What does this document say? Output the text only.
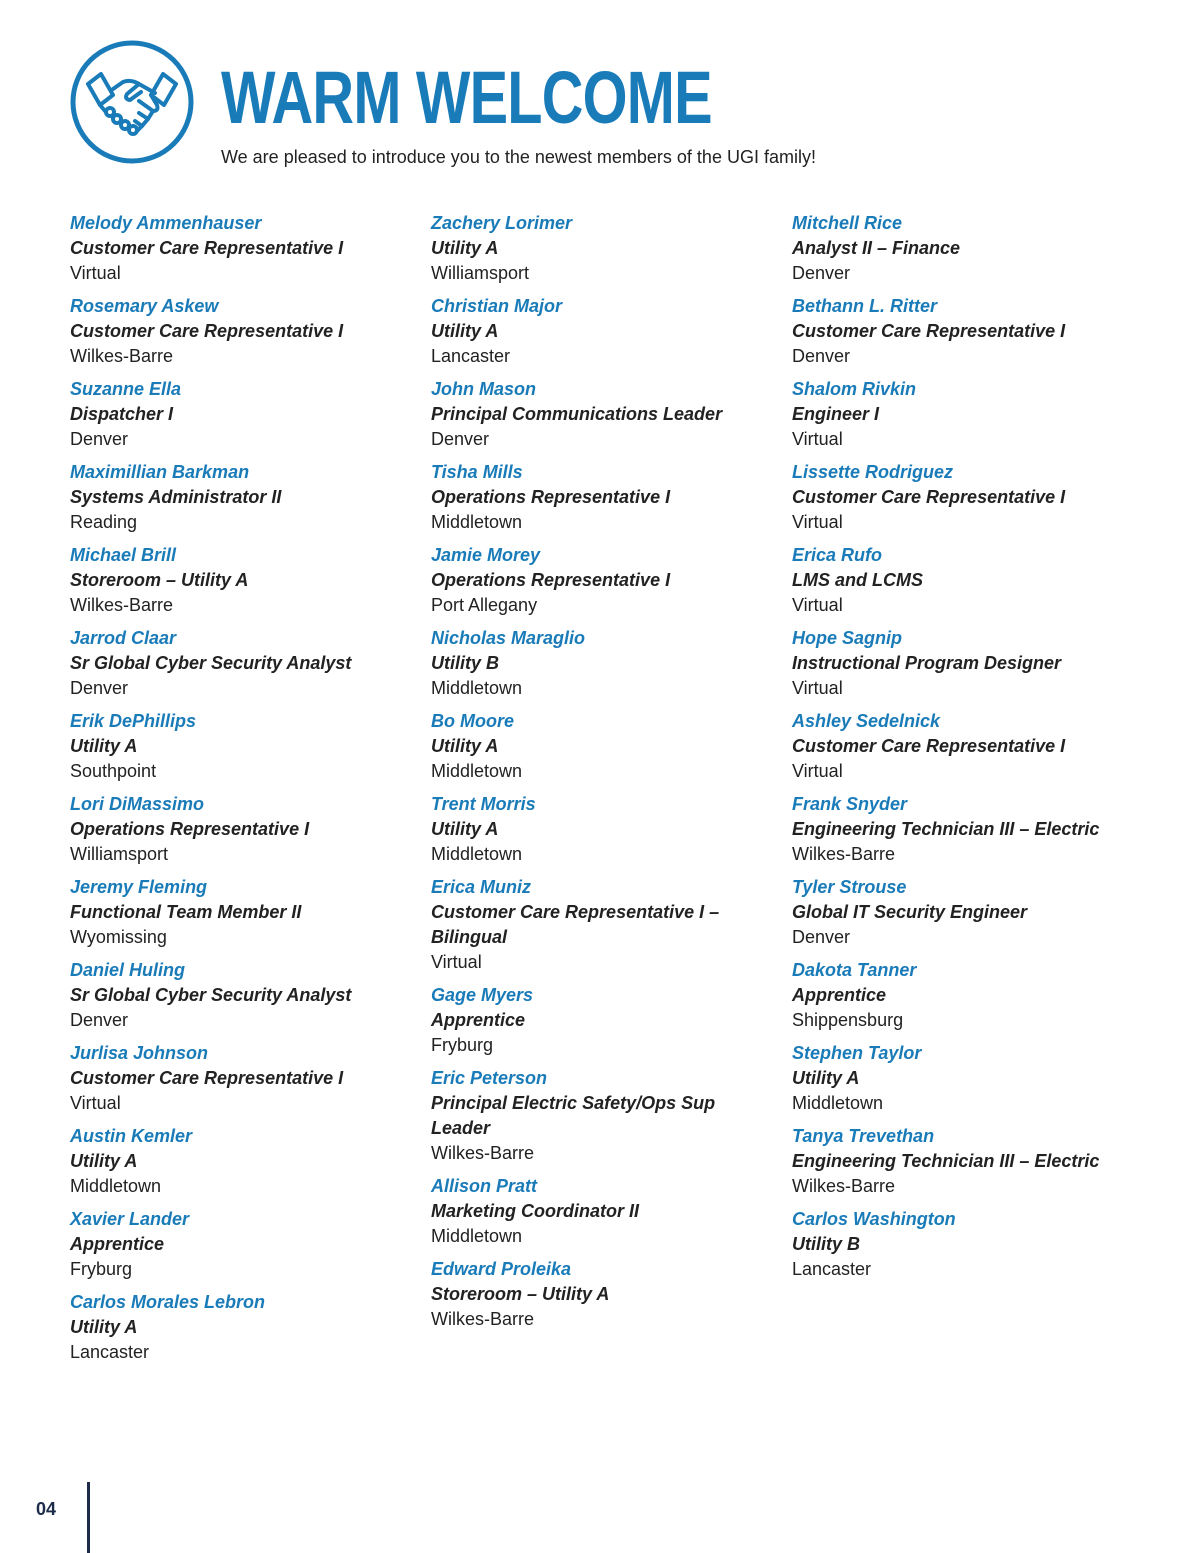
WARM WELCOME

We are pleased to introduce you to the newest members of the UGI family!

Melody Ammenhauser
Customer Care Representative I
Virtual
Rosemary Askew
Customer Care Representative I
Wilkes-Barre
Suzanne Ella
Dispatcher I
Denver
Maximillian Barkman
Systems Administrator II
Reading
Michael Brill
Storeroom – Utility A
Wilkes-Barre
Jarrod Claar
Sr Global Cyber Security Analyst
Denver
Erik DePhillips
Utility A
Southpoint
Lori DiMassimo
Operations Representative I
Williamsport
Jeremy Fleming
Functional Team Member II
Wyomissing
Daniel Huling
Sr Global Cyber Security Analyst
Denver
Jurlisa Johnson
Customer Care Representative I
Virtual
Austin Kemler
Utility A
Middletown
Xavier Lander
Apprentice
Fryburg
Carlos Morales Lebron
Utility A
Lancaster
Zachery Lorimer
Utility A
Williamsport
Christian Major
Utility A
Lancaster
John Mason
Principal Communications Leader
Denver
Tisha Mills
Operations Representative I
Middletown
Jamie Morey
Operations Representative I
Port Allegany
Nicholas Maraglio
Utility B
Middletown
Bo Moore
Utility A
Middletown
Trent Morris
Utility A
Middletown
Erica Muniz
Customer Care Representative I –
Bilingual
Virtual
Gage Myers
Apprentice
Fryburg
Eric Peterson
Principal Electric Safety/Ops Sup
Leader
Wilkes-Barre
Allison Pratt
Marketing Coordinator II
Middletown
Edward Proleika
Storeroom – Utility A
Wilkes-Barre
Mitchell Rice
Analyst II – Finance
Denver
Bethann L. Ritter
Customer Care Representative I
Denver
Shalom Rivkin
Engineer I
Virtual
Lissette Rodriguez
Customer Care Representative I
Virtual
Erica Rufo
LMS and LCMS
Virtual
Hope Sagnip
Instructional Program Designer
Virtual
Ashley Sedelnick
Customer Care Representative I
Virtual
Frank Snyder
Engineering Technician III – Electric
Wilkes-Barre
Tyler Strouse
Global IT Security Engineer
Denver
Dakota Tanner
Apprentice
Shippensburg
Stephen Taylor
Utility A
Middletown
Tanya Trevethan
Engineering Technician III – Electric
Wilkes-Barre
Carlos Washington
Utility B
Lancaster
04
